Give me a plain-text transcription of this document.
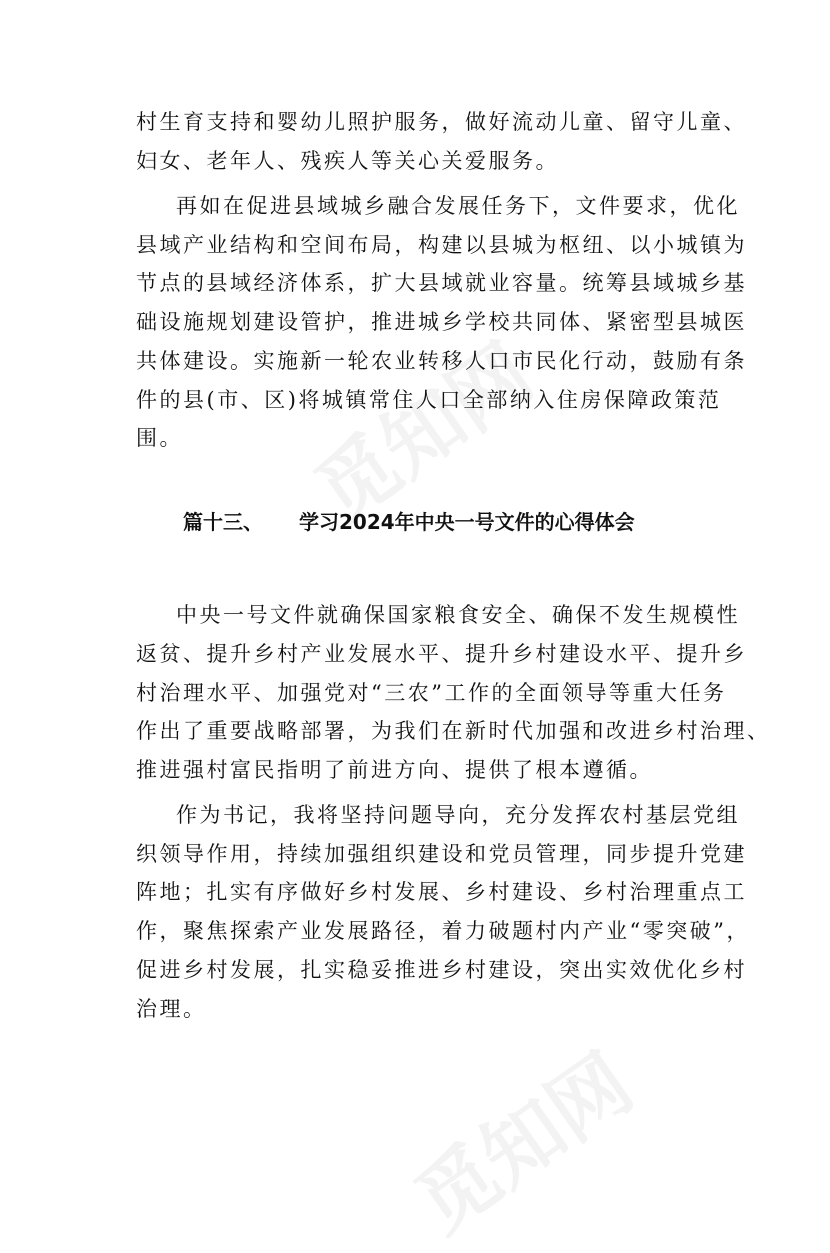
村生育支持和婴幼儿照护服务，做好流动儿童、留守儿童、
妇女、老年人、残疾人等关心关爱服务。
再如在促进县域城乡融合发展任务下，文件要求，优化
县域产业结构和空间布局，构建以县城为枢纽、以小城镇为
节点的县域经济体系，扩大县域就业容量。统筹县域城乡基
础设施规划建设管护，推进城乡学校共同体、紧密型县城医
共体建设。实施新一轮农业转移人口市民化行动，鼓励有条
件的县(市、区)将城镇常住人口全部纳入住房保障政策范
围。
篇十三、 学习2024年中央一号文件的心得体会
中央一号文件就确保国家粮食安全、确保不发生规模性
返贫、提升乡村产业发展水平、提升乡村建设水平、提升乡
村治理水平、加强党对“三农”工作的全面领导等重大任务
作出了重要战略部署，为我们在新时代加强和改进乡村治理、
推进强村富民指明了前进方向、提供了根本遵循。
作为书记，我将坚持问题导向，充分发挥农村基层党组
织领导作用，持续加强组织建设和党员管理，同步提升党建
阵地；扎实有序做好乡村发展、乡村建设、乡村治理重点工
作，聚焦探索产业发展路径，着力破题村内产业“零突破”，
促进乡村发展，扎实稳妥推进乡村建设，突出实效优化乡村
治理。
